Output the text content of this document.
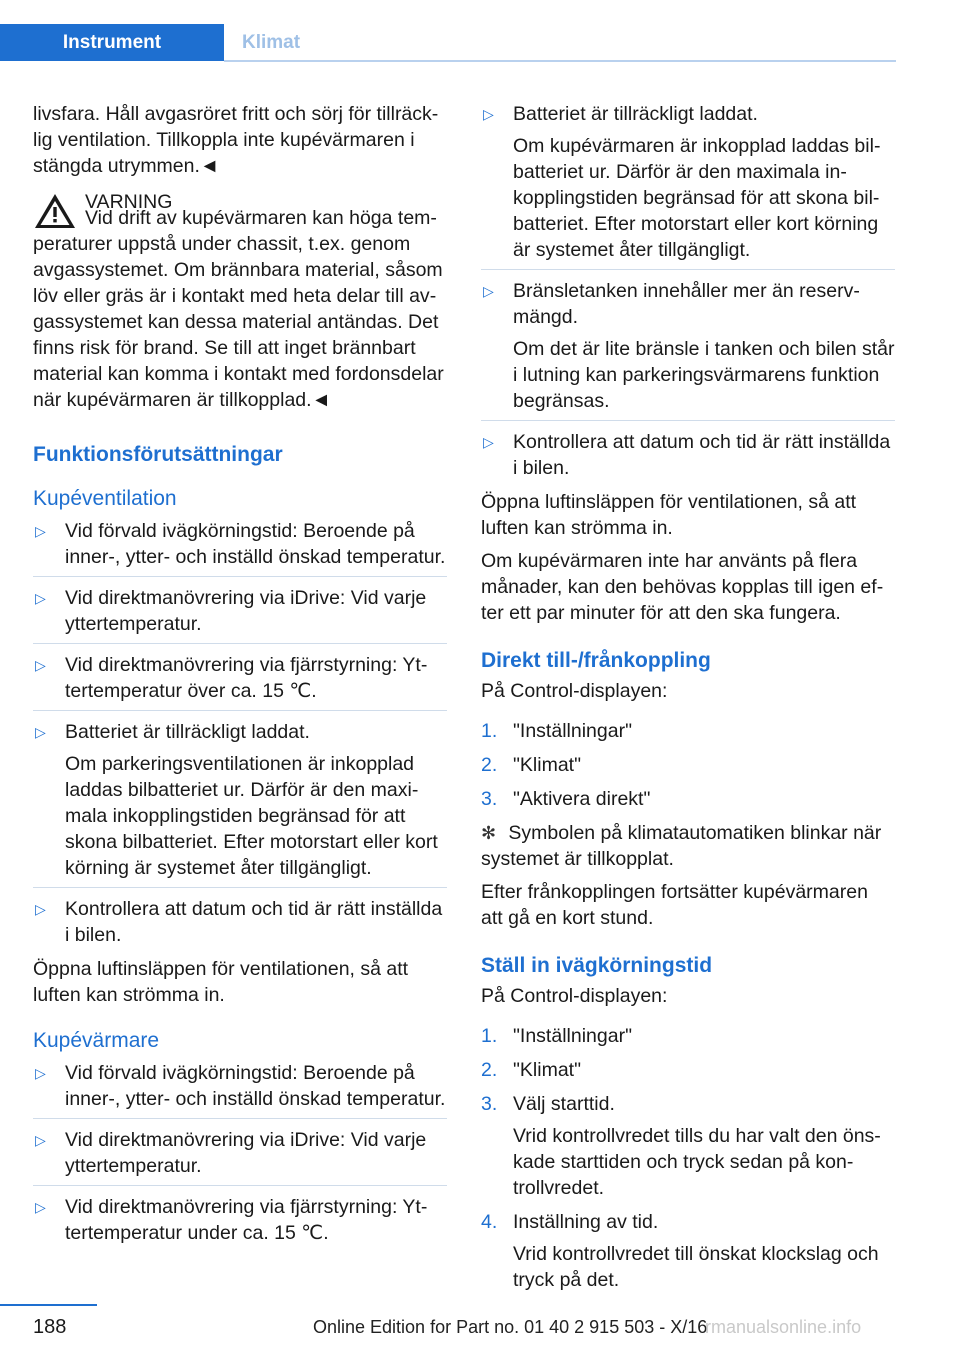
Instrument	Klimat

livsfara. Håll avgasröret fritt och sörj för tillräcklig ventilation. Tillkoppla inte kupévärmaren i stängda utrymmen.◄

VARNING

Vid drift av kupévärmaren kan höga temperaturer uppstå under chassit, t.ex. genom avgassystemet. Om brännbara material, såsom löv eller gräs är i kontakt med heta delar till avgassystemet kan dessa material antändas. Det finns risk för brand. Se till att inget brännbart material kan komma i kontakt med fordonsdelar när kupévärmaren är tillkopplad.◄

Funktionsförutsättningar
Kupéventilation
▷ Vid förvald ivägkörningstid: Beroende på inner-, ytter- och inställd önskad temperatur.
▷ Vid direktmanövrering via iDrive: Vid varje yttertemperatur.
▷ Vid direktmanövrering via fjärrstyrning: Yttertemperatur över ca. 15 ℃.
▷ Batteriet är tillräckligt laddat.
Om parkeringsventilationen är inkopplad laddas bilbatteriet ur. Därför är den maximala inkopplingstiden begränsad för att skona bilbatteriet. Efter motorstart eller kort körning är systemet åter tillgängligt.
▷ Kontrollera att datum och tid är rätt inställda i bilen.

Öppna luftinsläppen för ventilationen, så att luften kan strömma in.

Kupévärmare
▷ Vid förvald ivägkörningstid: Beroende på inner-, ytter- och inställd önskad temperatur.
▷ Vid direktmanövrering via iDrive: Vid varje yttertemperatur.
▷ Vid direktmanövrering via fjärrstyrning: Yttertemperatur under ca. 15 ℃.
▷ Batteriet är tillräckligt laddat.
Om kupévärmaren är inkopplad laddas bilbatteriet ur. Därför är den maximala inkopplingstiden begränsad för att skona bilbatteriet. Efter motorstart eller kort körning är systemet åter tillgängligt.
▷ Bränsletanken innehåller mer än reservmängd.
Om det är lite bränsle i tanken och bilen står i lutning kan parkeringsvärmarens funktion begränsas.
▷ Kontrollera att datum och tid är rätt inställda i bilen.

Öppna luftinsläppen för ventilationen, så att luften kan strömma in.

Om kupévärmaren inte har använts på flera månader, kan den behövas kopplas till igen efter ett par minuter för att den ska fungera.

Direkt till-/frånkoppling

På Control-displayen:

1. "Inställningar"
2. "Klimat"
3. "Aktivera direkt"

✻ Symbolen på klimatautomatiken blinkar när systemet är tillkopplat.

Efter frånkopplingen fortsätter kupévärmaren att gå en kort stund.

Ställ in ivägkörningstid

På Control-displayen:

1. "Inställningar"
2. "Klimat"
3. Välj starttid.
Vrid kontrollvredet tills du har valt den önskade starttiden och tryck sedan på kontrollvredet.
4. Inställning av tid.
Vrid kontrollvredet till önskat klockslag och tryck på det.
188	Online Edition for Part no. 01 40 2 915 503 - X/16
rmanualsonline.info
